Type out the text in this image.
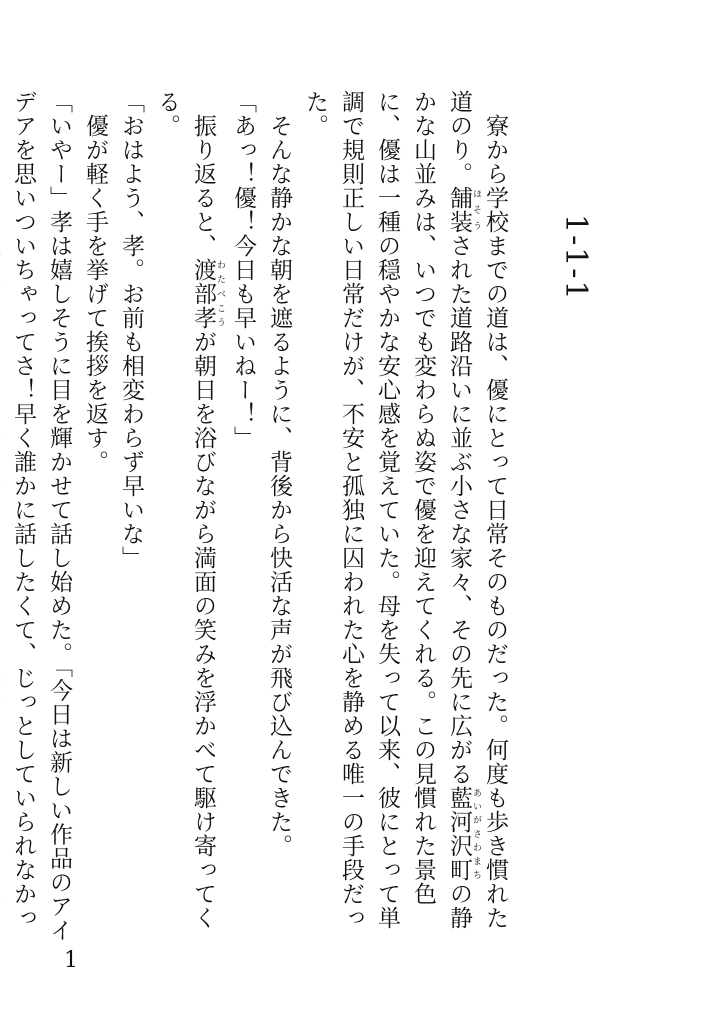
1-1-1

　寮から学校までの道は、優にとって日常そのものだった。何度も歩き慣れた道のり。舗装 ほそうされた道路沿いに並ぶ小さな家々、その先に広がる藍河沢町 あいがさわまちの静かな山並みは、いつでも変わらぬ姿で優を迎えてくれる。この見慣れた景色に、優は一種の穏やかな安心感を覚えていた。母を失って以来、彼にとって単調で規則正しい日常だけが、不安と孤独に囚われた心を静める唯一の手段だった。

　そんな静かな朝を遮るように、背後から快活な声が飛び込んできた。

「あっ！優！今日も早いねー！」

　振り返ると、渡部孝 わたべこうが朝日を浴びながら満面の笑みを浮かべて駆け寄ってくる。

「おはよう、孝。お前も相変わらず早いな」

　優が軽く手を挙げて挨拶を返す。

「いやー」孝は嬉しそうに目を輝かせて話し始めた。「今日は新しい作品のアイデアを思いついちゃってさ！早く誰かに話したくて、じっとしていられなかっ

1
